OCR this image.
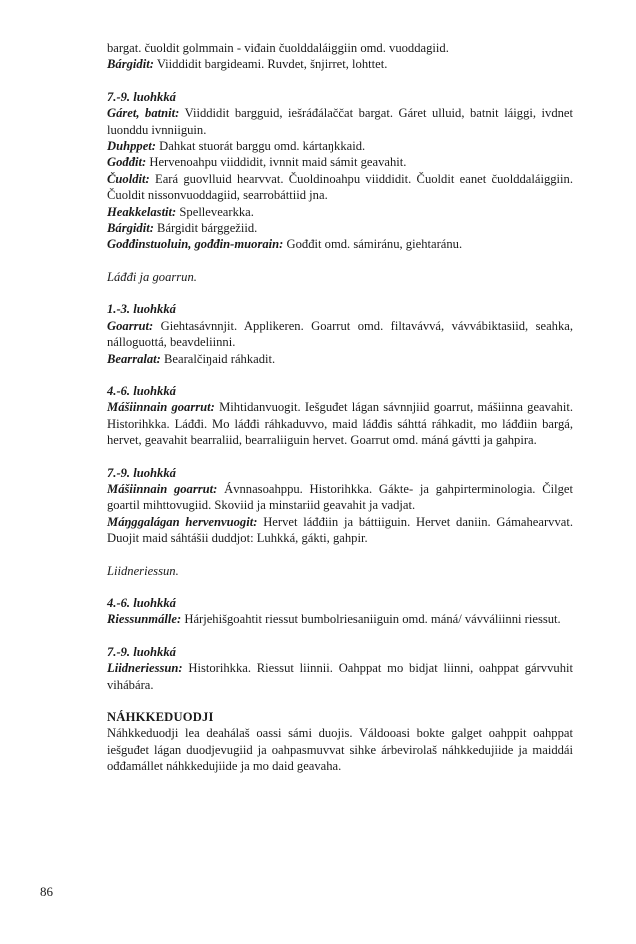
bargat. čuoldit golmmain - viđain čuolddaláiggiin omd. vuoddagiid.

Bárgidit: Viiddidit bargideami. Ruvdet, šnjirret, lohttet.

7.-9. luohkká

Gáret, batnit: Viiddidit bargguid, iešráđálaččat bargat. Gáret ulluid, batnit láiggi, ivdnet luonddu ivnniiguin.

Duhppet: Dahkat stuorát barggu omd. kártaŋkkaid.

Gođđit: Hervenoahpu viiddidit, ivnnit maid sámit geavahit.

Čuoldit: Eará guovlluid hearvvat. Čuoldinoahpu viiddidit. Čuoldit eanet čuolddaláiggiin. Čuoldit nissonvuoddagiid, searrobáttiid jna.

Heakkelastit: Spellevearkka.

Bárgidit: Bárgidit bárggežiid.

Gođđinstuoluin, gođđin-muorain: Gođđit omd. sámiránu, giehtaránu.

Láđđi ja goarrun.

1.-3. luohkká

Goarrut: Giehtasávnnjit. Applikeren. Goarrut omd. filtavávvá, vávvábiktasiid, seahka, nálloguottá, beavdeliinni.

Bearralat: Bearalčiŋaid ráhkadit.

4.-6. luohkká

Mášiinnain goarrut: Mihtidanvuogit. Iešguđet lágan sávnnjiid goarrut, mášiinna geavahit. Historihkka. Láđđi. Mo láđđi ráhkaduvvo, maid láđđis sáhttá ráhkadit, mo láđđiin bargá, hervet, geavahit bearraliid, bearraliiguin hervet. Goarrut omd. máná gávtti ja gahpira.

7.-9. luohkká

Mášiinnain goarrut: Ávnnasoahppu. Historihkka. Gákte- ja gahpirterminologia. Čilget goartil mihttovugiid. Skoviid ja minstariid geavahit ja vadjat.

Máŋggalágan hervenvuogit: Hervet láđđiin ja báttiiguin. Hervet daniin. Gámahearvvat. Duojit maid sáhtášii duddjot: Luhkká, gákti, gahpir.

Liidneriessun.

4.-6. luohkká

Riessunmálle: Hárjehišgoahtit riessut bumbolriesaniiguin omd. máná/ vávváliinni riessut.

7.-9. luohkká

Liidneriessun: Historihkka. Riessut liinnii. Oahppat mo bidjat liinni, oahppat gárvvuhit vihábára.

NÁHKKEDUODJI

Náhkkeduodji lea deahálaš oassi sámi duojis. Váldooasi bokte galget oahppit oahppat iešguđet lágan duodjevugiid ja oahpasmuvvat sihke árbevirolaš náhkkedujiide ja maiddái ođđamállet náhkkedujiide ja mo daid geavaha.

86
